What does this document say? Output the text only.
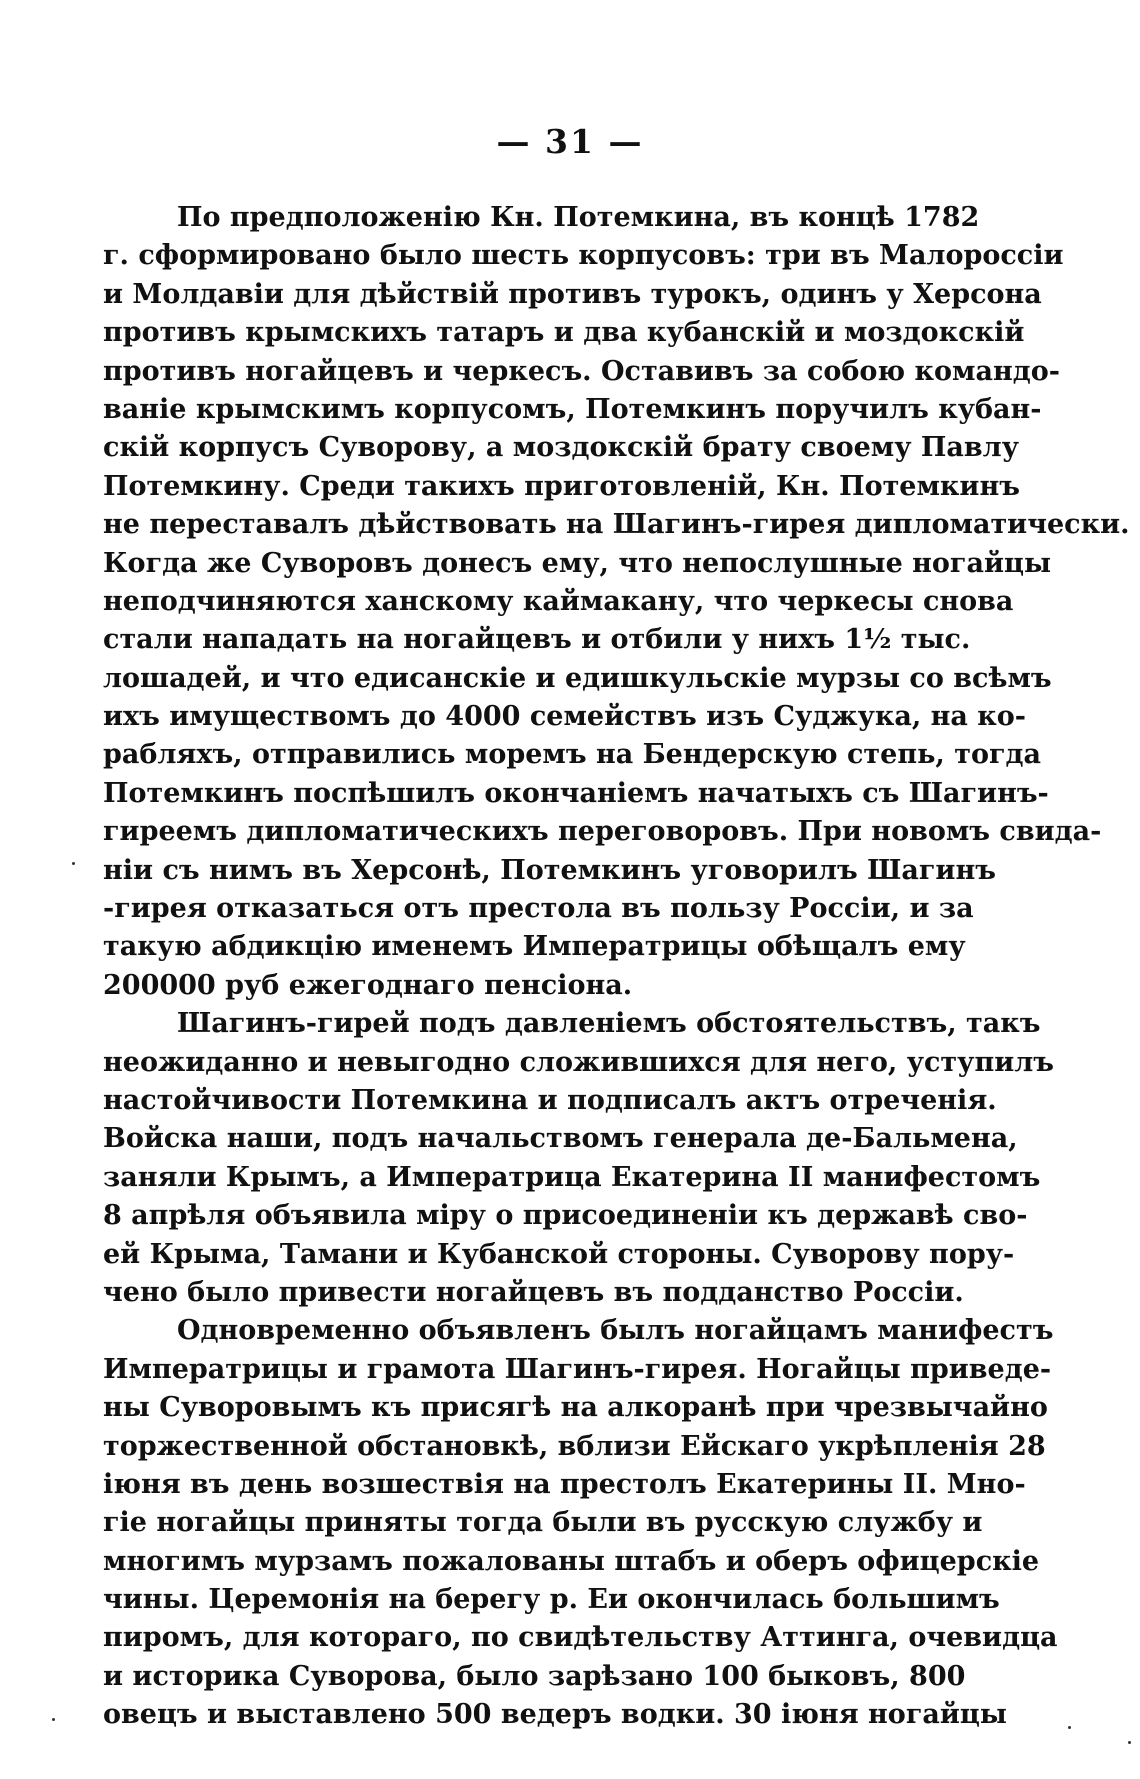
— 31 —
По предположенію Кн. Потемкина, въ концѣ 1782
г. сформировано было шесть корпусовъ: три въ Малороссіи
и Молдавіи для дѣйствій противъ турокъ, одинъ у Херсона
противъ крымскихъ татаръ и два кубанскій и моздокскій
противъ ногайцевъ и черкесъ. Оставивъ за собою командо-
ваніе крымскимъ корпусомъ, Потемкинъ поручилъ кубан-
скій корпусъ Суворову, а моздокскій брату своему Павлу
Потемкину. Среди такихъ приготовленій, Кн. Потемкинъ
не переставалъ дѣйствовать на Шагинъ-гирея дипломатически.
Когда же Суворовъ донесъ ему, что непослушные ногайцы
неподчиняются ханскому каймакану, что черкесы снова
стали нападать на ногайцевъ и отбили у нихъ 1½ тыс.
лошадей, и что едисанскіе и едишкульскіе мурзы со всѣмъ
ихъ имуществомъ до 4000 семействъ изъ Суджука, на ко-
рабляхъ, отправились моремъ на Бендерскую степь, тогда
Потемкинъ поспѣшилъ окончаніемъ начатыхъ съ Шагинъ-
гиреемъ дипломатическихъ переговоровъ. При новомъ свида-
ніи съ нимъ въ Херсонѣ, Потемкинъ уговорилъ Шагинъ
-гирея отказаться отъ престола въ пользу Россіи, и за
такую абдикцію именемъ Императрицы обѣщалъ ему
200000 руб ежегоднаго пенсіона.
Шагинъ-гирей подъ давленіемъ обстоятельствъ, такъ
неожиданно и невыгодно сложившихся для него, уступилъ
настойчивости Потемкина и подписалъ актъ отреченія.
Войска наши, подъ начальствомъ генерала де-Бальмена,
заняли Крымъ, а Императрица Екатерина II манифестомъ
8 апрѣля объявила міру о присоединеніи къ державѣ сво-
ей Крыма, Тамани и Кубанской стороны. Суворову пору-
чено было привести ногайцевъ въ подданство Россіи.
Одновременно объявленъ былъ ногайцамъ манифестъ
Императрицы и грамота Шагинъ-гирея. Ногайцы приведе-
ны Суворовымъ къ присягѣ на алкоранѣ при чрезвычайно
торжественной обстановкѣ, вблизи Ейскаго укрѣпленія 28
іюня въ день возшествія на престолъ Екатерины II. Мно-
гіе ногайцы приняты тогда были въ русскую службу и
многимъ мурзамъ пожалованы штабъ и оберъ офицерскіе
чины. Церемонія на берегу р. Еи окончилась большимъ
пиромъ, для котораго, по свидѣтельству Аттинга, очевидца
и историка Суворова, было зарѣзано 100 быковъ, 800
овецъ и выставлено 500 ведеръ водки. 30 іюня ногайцы
